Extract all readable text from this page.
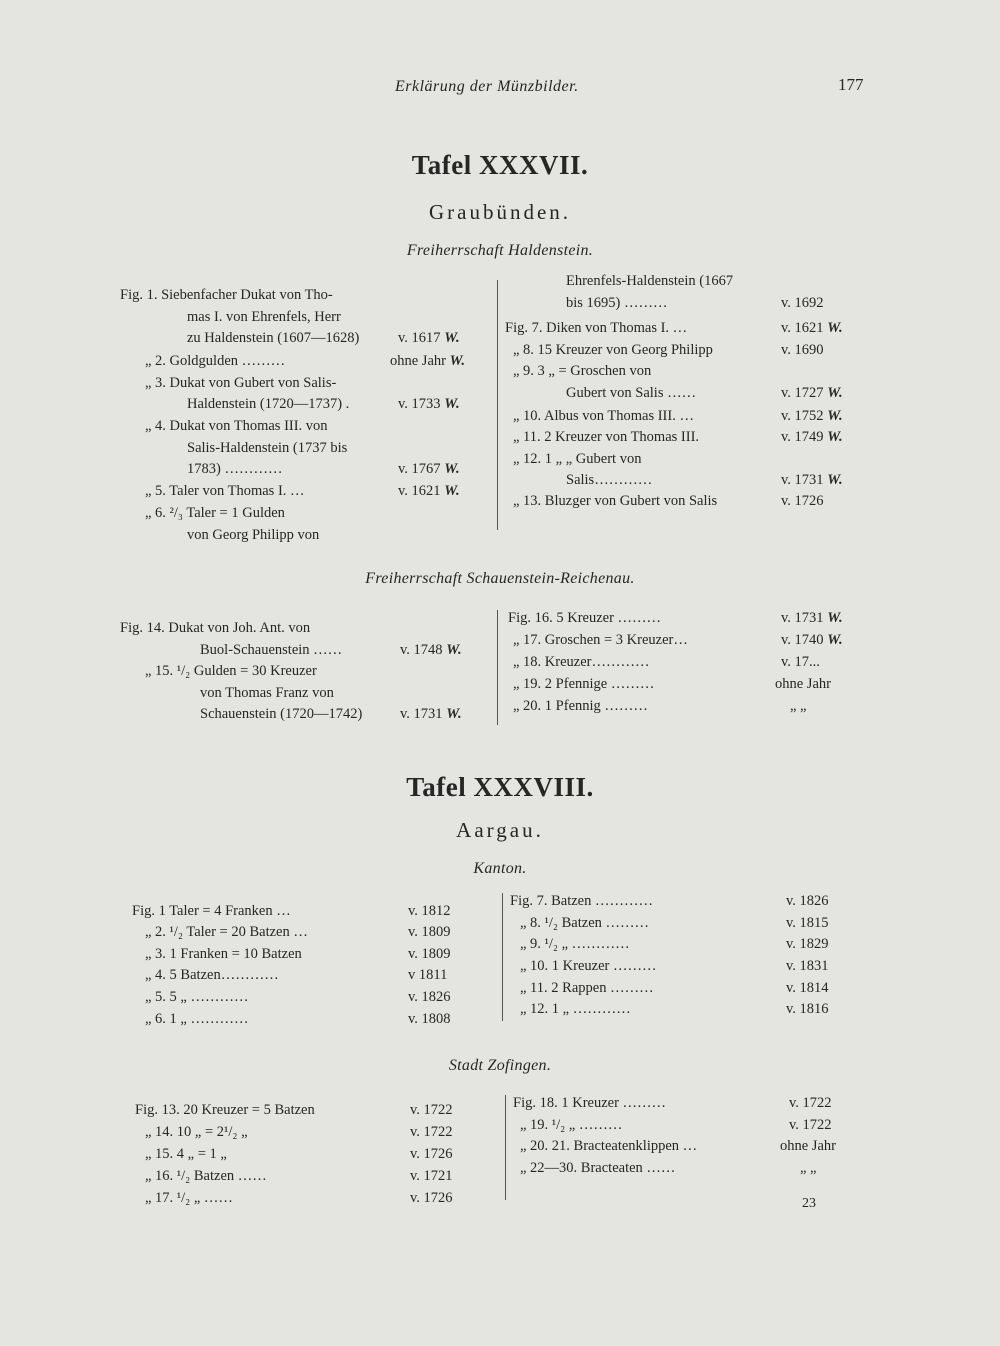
Erklärung der Münzbilder.	177
Tafel XXXVII.
Graubünden.
Freiherrschaft Haldenstein.
Fig. 1. Siebenfacher Dukat von Tho-
mas I. von Ehrenfels, Herr
zu Haldenstein (1607—1628)
„ 2. Goldgulden ………
„ 3. Dukat von Gubert von Salis-
Haldenstein (1720—1737) .
„ 4. Dukat von Thomas III. von
Salis-Haldenstein (1737 bis
1783) …………
„ 5. Taler von Thomas I. …
„ 6. ²/₃ Taler = 1 Gulden
von Georg Philipp von
v. 1617 W.
ohne Jahr W.
v. 1733 W.
v. 1767 W.
v. 1621 W.
Ehrenfels-Haldenstein (1667
bis 1695) ………
Fig. 7. Diken von Thomas I. …
„ 8. 15 Kreuzer von Georg Philipp
„ 9. 3 „ = Groschen von
Gubert von Salis ……
„ 10. Albus von Thomas III. …
„ 11. 2 Kreuzer von Thomas III.
„ 12. 1 „ „ Gubert von
Salis…………
„ 13. Bluzger von Gubert von Salis
v. 1692
v. 1621 W.
v. 1690
v. 1727 W.
v. 1752 W.
v. 1749 W.
v. 1731 W.
v. 1726
Freiherrschaft Schauenstein-Reichenau.
Fig. 14. Dukat von Joh. Ant. von
Buol-Schauenstein ……
„ 15. ¹/₂ Gulden = 30 Kreuzer
von Thomas Franz von
Schauenstein (1720—1742)
v. 1748 W.
v. 1731 W.
Fig. 16. 5 Kreuzer ………
„ 17. Groschen = 3 Kreuzer…
„ 18. Kreuzer…………
„ 19. 2 Pfennige ………
„ 20. 1 Pfennig ………
v. 1731 W.
v. 1740 W.
v. 17...
ohne Jahr
„ „
Tafel XXXVIII.
Aargau.
Kanton.
Fig. 1 Taler = 4 Franken …
„ 2. ¹/₂ Taler = 20 Batzen …
„ 3. 1 Franken = 10 Batzen
„ 4. 5 Batzen…………
„ 5. 5 „ …………
„ 6. 1 „ …………
v. 1812
v. 1809
v. 1809
v 1811
v. 1826
v. 1808
Fig. 7. Batzen …………
„ 8. ¹/₂ Batzen ………
„ 9. ¹/₂ „ …………
„ 10. 1 Kreuzer ………
„ 11. 2 Rappen ………
„ 12. 1 „ …………
v. 1826
v. 1815
v. 1829
v. 1831
v. 1814
v. 1816
Stadt Zofingen.
Fig. 13. 20 Kreuzer = 5 Batzen
„ 14. 10 „ = 2¹/₂ „
„ 15. 4 „ = 1 „
„ 16. ¹/₂ Batzen ……
„ 17. ¹/₂ „ ……
v. 1722
v. 1722
v. 1726
v. 1721
v. 1726
Fig. 18. 1 Kreuzer ………
„ 19. ¹/₂ „ ………
„ 20. 21. Bracteatenklippen …
„ 22—30. Bracteaten ……
v. 1722
v. 1722
ohne Jahr
„ „
23
